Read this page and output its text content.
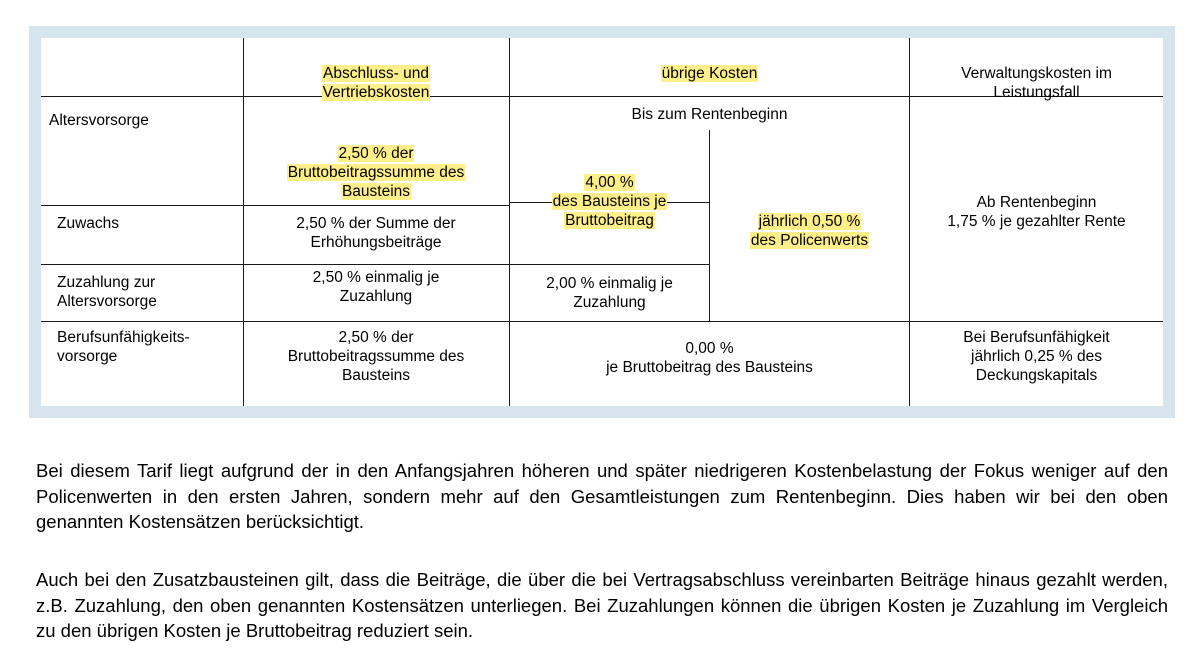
Abschluss- und
Vertriebskosten

übrige Kosten	Verwaltungskosten im
Leistungsfall

Altersvorsorge
Zuwachs
Zuzahlung zur
Altersvorsorge
Berufsunfähigkeits-
vorsorge

2,50 % der
Bruttobeitragssumme des
Bausteins

2,50 % der Summe der
Erhöhungsbeiträge
2,50 % einmalig je
Zuzahlung
2,50 % der
Bruttobeitragssumme des
Bausteins
Bis zum Rentenbeginn

4,00 %
des Bausteins je
Bruttobeitrag	jährlich 0,50 %
des Policenwerts

2,00 % einmalig je
Zuzahlung
0,00 %
je Bruttobeitrag des Bausteins
Ab Rentenbeginn
1,75 % je gezahlter Rente
Bei Berufsunfähigkeit
jährlich 0,25 % des
Deckungskapitals

Bei diesem Tarif liegt aufgrund der in den Anfangsjahren höheren und später niedrigeren Kostenbelastung der Fokus weniger auf den Policenwerten in den ersten Jahren, sondern mehr auf den Gesamtleistungen zum Rentenbeginn. Dies haben wir bei den oben genannten Kostensätzen berücksichtigt.

Auch bei den Zusatzbausteinen gilt, dass die Beiträge, die über die bei Vertragsabschluss vereinbarten Beiträge hinaus gezahlt werden, z.B. Zuzahlung, den oben genannten Kostensätzen unterliegen. Bei Zuzahlungen können die übrigen Kosten je Zuzahlung im Vergleich zu den übrigen Kosten je Bruttobeitrag reduziert sein.
